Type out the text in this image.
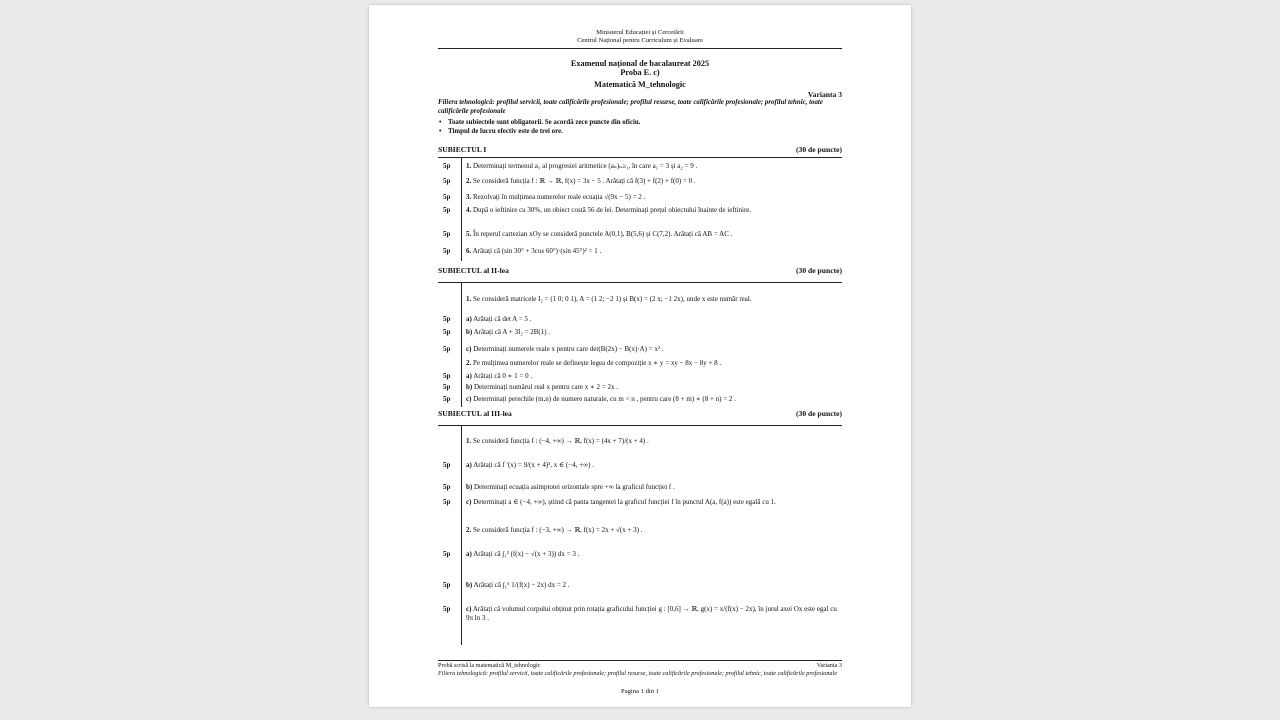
Ministerul Educației și Cercetării
Centrul Național pentru Curriculum și Evaluare
Examenul național de bacalaureat 2025
Proba E. c)
Matematică M_tehnologic
Varianta 3
Filiera tehnologică: profilul servicii, toate calificările profesionale; profilul resurse, toate calificările profesionale; profilul tehnic, toate calificările profesionale
• Toate subiectele sunt obligatorii. Se acordă zece puncte din oficiu.
• Timpul de lucru efectiv este de trei ore.
SUBIECTUL I	(30 de puncte)
5p 1. Determinați termenul a₃ al progresiei aritmetice (aₙ)ₙ≥₁, în care a₁ = 3 și a₂ = 9 .
5p 2. Se consideră funcția f : ℝ → ℝ, f(x) = 3x − 5 . Arătați că f(3) + f(2) + f(0) = 0 .
5p 3. Rezolvați în mulțimea numerelor reale ecuația √(9x − 5) = 2 .
5p 4. După o ieftinire cu 30%, un obiect costă 56 de lei. Determinați prețul obiectului înainte de ieftinire.
5p 5. În reperul cartezian xOy se consideră punctele A(0,1), B(5,6) și C(7,2). Arătați că AB = AC .
5p 6. Arătați că (sin 30° + 3cos 60°)·(sin 45°)² = 1 .
SUBIECTUL al II-lea	(30 de puncte)
1. Se consideră matricele I₂ = (1 0; 0 1), A = (1 2; −2 1) și B(x) = (2 x; −1 2x), unde x este număr real.
5p a) Arătați că det A = 5 .
5p b) Arătați că A + 3I₂ = 2B(1) .
5p c) Determinați numerele reale x pentru care det(B(2x) − B(x)·A) = x² .
2. Pe mulțimea numerelor reale se definește legea de compoziție x ∗ y = xy − 8x − 8y + 8 .
5p a) Arătați că 0 ∗ 1 = 0 .
5p b) Determinați numărul real x pentru care x ∗ 2 = 2x .
5p c) Determinați perechile (m,n) de numere naturale, cu m < n , pentru care (8 + m) ∗ (8 + n) = 2 .
SUBIECTUL al III-lea	(30 de puncte)
1. Se consideră funcția f : (−4, +∞) → ℝ, f(x) = (4x + 7)/(x + 4) .
5p a) Arătați că f ′(x) = 9/(x + 4)², x ∈ (−4, +∞) .
5p b) Determinați ecuația asimptotei orizontale spre +∞ la graficul funcției f .
5p c) Determinați a ∈ (−4, +∞), știind că panta tangentei la graficul funcției f în punctul A(a, f(a)) este egală cu 1.
2. Se consideră funcția f : (−3, +∞) → ℝ, f(x) = 2x + √(x + 3) .
5p a) Arătați că ∫₁² (f(x) − √(x + 3)) dx = 3 .
5p b) Arătați că ∫₁⁶ 1/(f(x) − 2x) dx = 2 .
5p c) Arătați că volumul corpului obținut prin rotația graficului funcției g : [0,6] → ℝ, g(x) = x/(f(x) − 2x), în jurul axei Ox este egal cu 9π ln 3 .
Probă scrisă la matematică M_tehnologic	Varianta 3
Filiera tehnologică: profilul servicii, toate calificările profesionale; profilul resurse, toate calificările profesionale; profilul tehnic, toate calificările profesionale
Pagina 1 din 1
